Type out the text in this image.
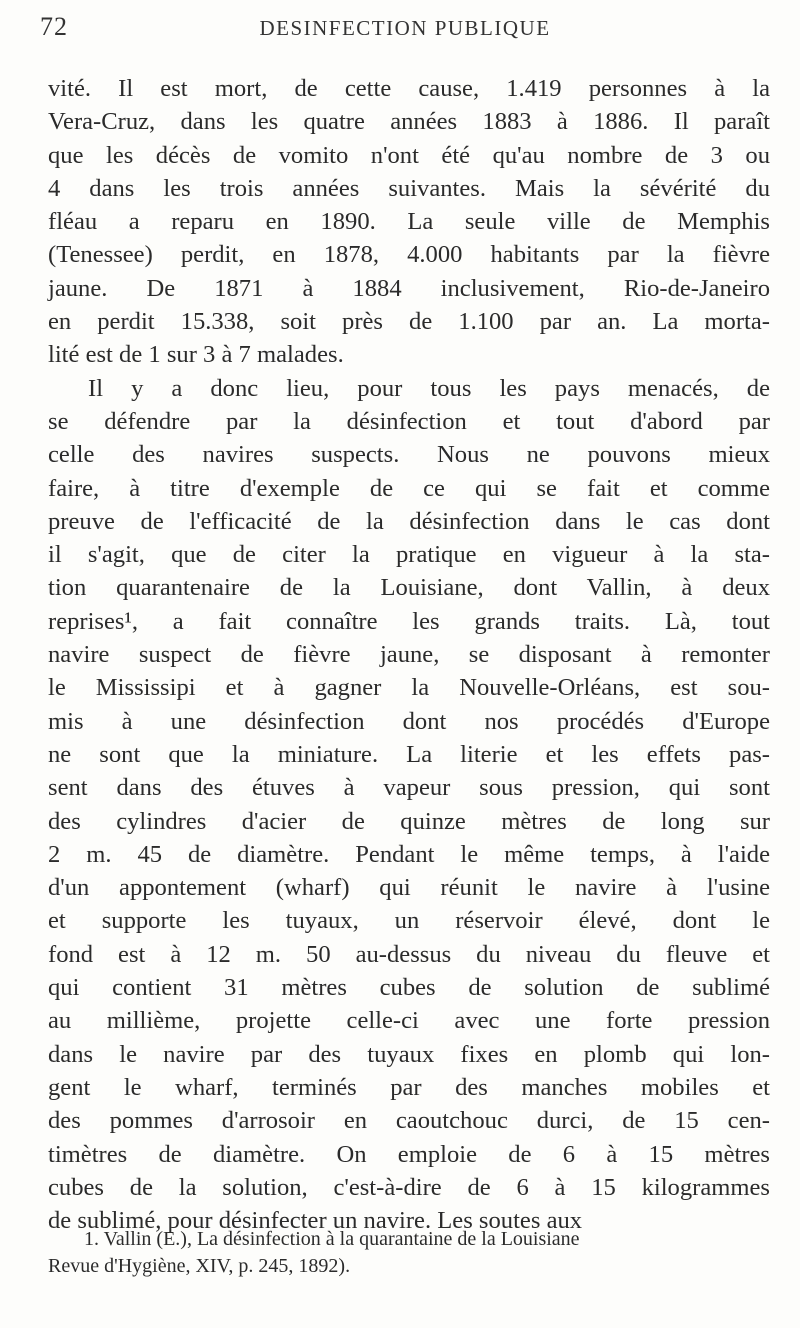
72	DESINFECTION PUBLIQUE

vité. Il est mort, de cette cause, 1.419 personnes à la
Vera-Cruz, dans les quatre années 1883 à 1886. Il paraît
que les décès de vomito n'ont été qu'au nombre de 3 ou
4 dans les trois années suivantes. Mais la sévérité du
fléau a reparu en 1890. La seule ville de Memphis
(Tenessee) perdit, en 1878, 4.000 habitants par la fièvre
jaune. De 1871 à 1884 inclusivement, Rio-de-Janeiro
en perdit 15.338, soit près de 1.100 par an. La morta-
lité est de 1 sur 3 à 7 malades.

Il y a donc lieu, pour tous les pays menacés, de
se défendre par la désinfection et tout d'abord par
celle des navires suspects. Nous ne pouvons mieux
faire, à titre d'exemple de ce qui se fait et comme
preuve de l'efficacité de la désinfection dans le cas dont
il s'agit, que de citer la pratique en vigueur à la sta-
tion quarantenaire de la Louisiane, dont Vallin, à deux
reprises¹, a fait connaître les grands traits. Là, tout
navire suspect de fièvre jaune, se disposant à remonter
le Mississipi et à gagner la Nouvelle-Orléans, est sou-
mis à une désinfection dont nos procédés d'Europe
ne sont que la miniature. La literie et les effets pas-
sent dans des étuves à vapeur sous pression, qui sont
des cylindres d'acier de quinze mètres de long sur
2 m. 45 de diamètre. Pendant le même temps, à l'aide
d'un appontement (wharf) qui réunit le navire à l'usine
et supporte les tuyaux, un réservoir élevé, dont le
fond est à 12 m. 50 au-dessus du niveau du fleuve et
qui contient 31 mètres cubes de solution de sublimé
au millième, projette celle-ci avec une forte pression
dans le navire par des tuyaux fixes en plomb qui lon-
gent le wharf, terminés par des manches mobiles et
des pommes d'arrosoir en caoutchouc durci, de 15 cen-
timètres de diamètre. On emploie de 6 à 15 mètres
cubes de la solution, c'est-à-dire de 6 à 15 kilogrammes
de sublimé, pour désinfecter un navire. Les soutes aux

1. Vallin (E.), La désinfection à la quarantaine de la Louisiane
Revue d'Hygiène, XIV, p. 245, 1892).
